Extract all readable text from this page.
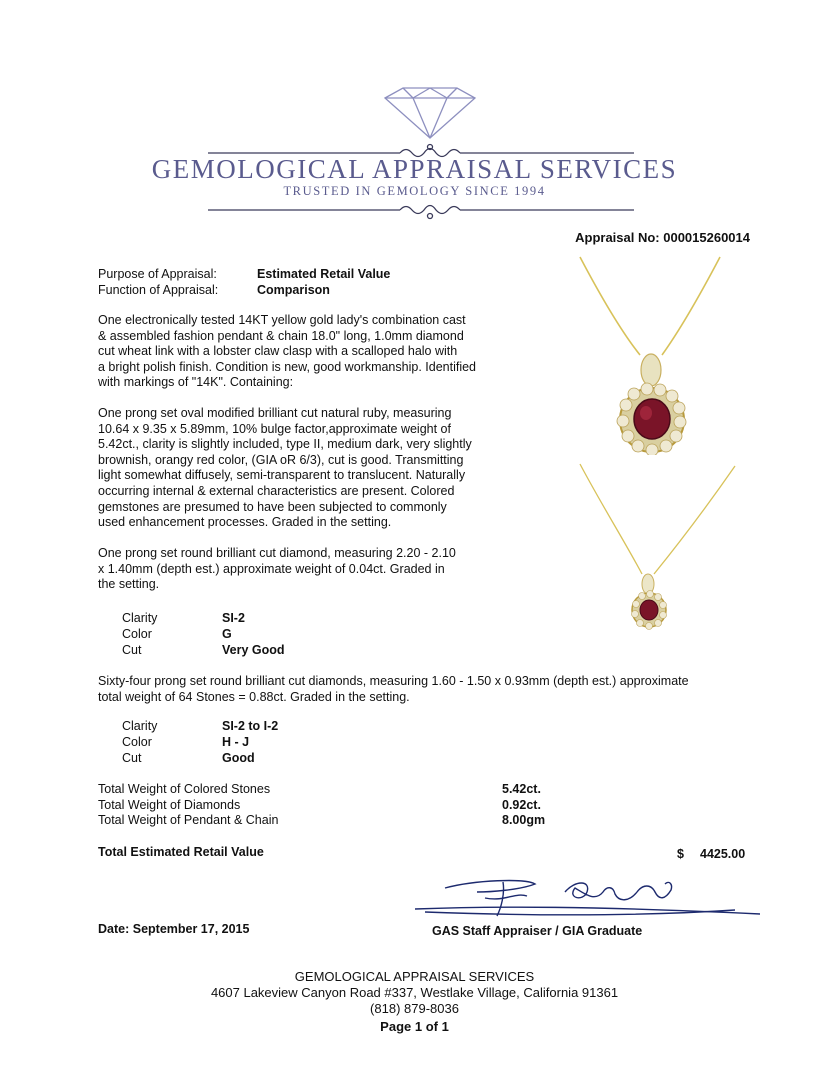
GEMOLOGICAL APPRAISAL SERVICES
TRUSTED IN GEMOLOGY SINCE 1994
Appraisal No: 000015260014
Purpose of Appraisal:	Estimated Retail Value
Function of Appraisal:	Comparison
One electronically tested 14KT yellow gold lady's combination cast
& assembled fashion pendant & chain 18.0" long, 1.0mm diamond
cut wheat link with a lobster claw clasp with a scalloped halo with
a bright polish finish. Condition is new, good workmanship. Identified
with markings of "14K". Containing:
One prong set oval modified brilliant cut natural ruby, measuring
10.64 x 9.35 x 5.89mm, 10% bulge factor,approximate weight of
5.42ct., clarity is slightly included, type II, medium dark, very slightly
brownish, orangy red color, (GIA oR 6/3), cut is good. Transmitting
light somewhat diffusely, semi-transparent to translucent. Naturally
occurring internal & external characteristics are present. Colored
gemstones are presumed to have been subjected to commonly
used enhancement processes. Graded in the setting.
One prong set round brilliant cut diamond, measuring 2.20 - 2.10
x 1.40mm (depth est.) approximate weight of 0.04ct. Graded in
the setting.
Clarity	SI-2
Color	G
Cut	Very Good
Sixty-four prong set round brilliant cut diamonds, measuring 1.60 - 1.50 x 0.93mm (depth est.) approximate
total weight of 64 Stones = 0.88ct. Graded in the setting.
Clarity	SI-2 to I-2
Color	H - J
Cut	Good
Total Weight of Colored Stones	5.42ct.
Total Weight of Diamonds	0.92ct.
Total Weight of Pendant & Chain	8.00gm
Total Estimated Retail Value	$ 4425.00
Date: September 17, 2015	GAS Staff Appraiser / GIA Graduate
GEMOLOGICAL APPRAISAL SERVICES
4607 Lakeview Canyon Road #337, Westlake Village, California 91361
(818) 879-8036
Page 1 of 1
